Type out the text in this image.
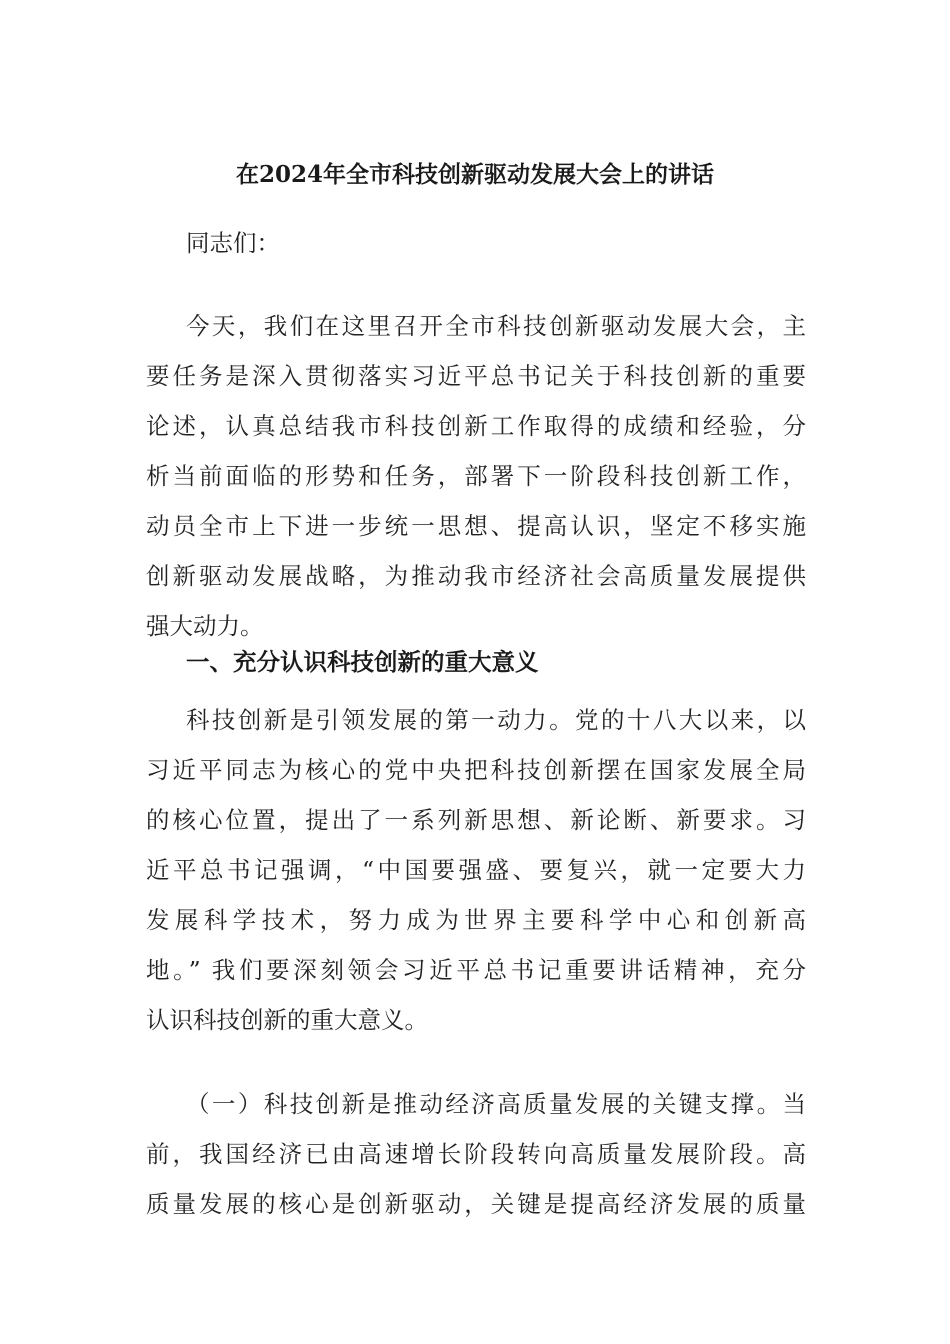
在2024年全市科技创新驱动发展大会上的讲话
同志们：
今天，我们在这里召开全市科技创新驱动发展大会，主
要任务是深入贯彻落实习近平总书记关于科技创新的重要
论述，认真总结我市科技创新工作取得的成绩和经验，分
析当前面临的形势和任务，部署下一阶段科技创新工作，
动员全市上下进一步统一思想、提高认识，坚定不移实施
创新驱动发展战略，为推动我市经济社会高质量发展提供
强大动力。
一、充分认识科技创新的重大意义
科技创新是引领发展的第一动力。党的十八大以来，以
习近平同志为核心的党中央把科技创新摆在国家发展全局
的核心位置，提出了一系列新思想、新论断、新要求。习
近平总书记强调，“中国要强盛、要复兴，就一定要大力
发展科学技术，努力成为世界主要科学中心和创新高
地。” 我们要深刻领会习近平总书记重要讲话精神，充分
认识科技创新的重大意义。
（一）科技创新是推动经济高质量发展的关键支撑。当
前，我国经济已由高速增长阶段转向高质量发展阶段。高
质量发展的核心是创新驱动，关键是提高经济发展的质量
